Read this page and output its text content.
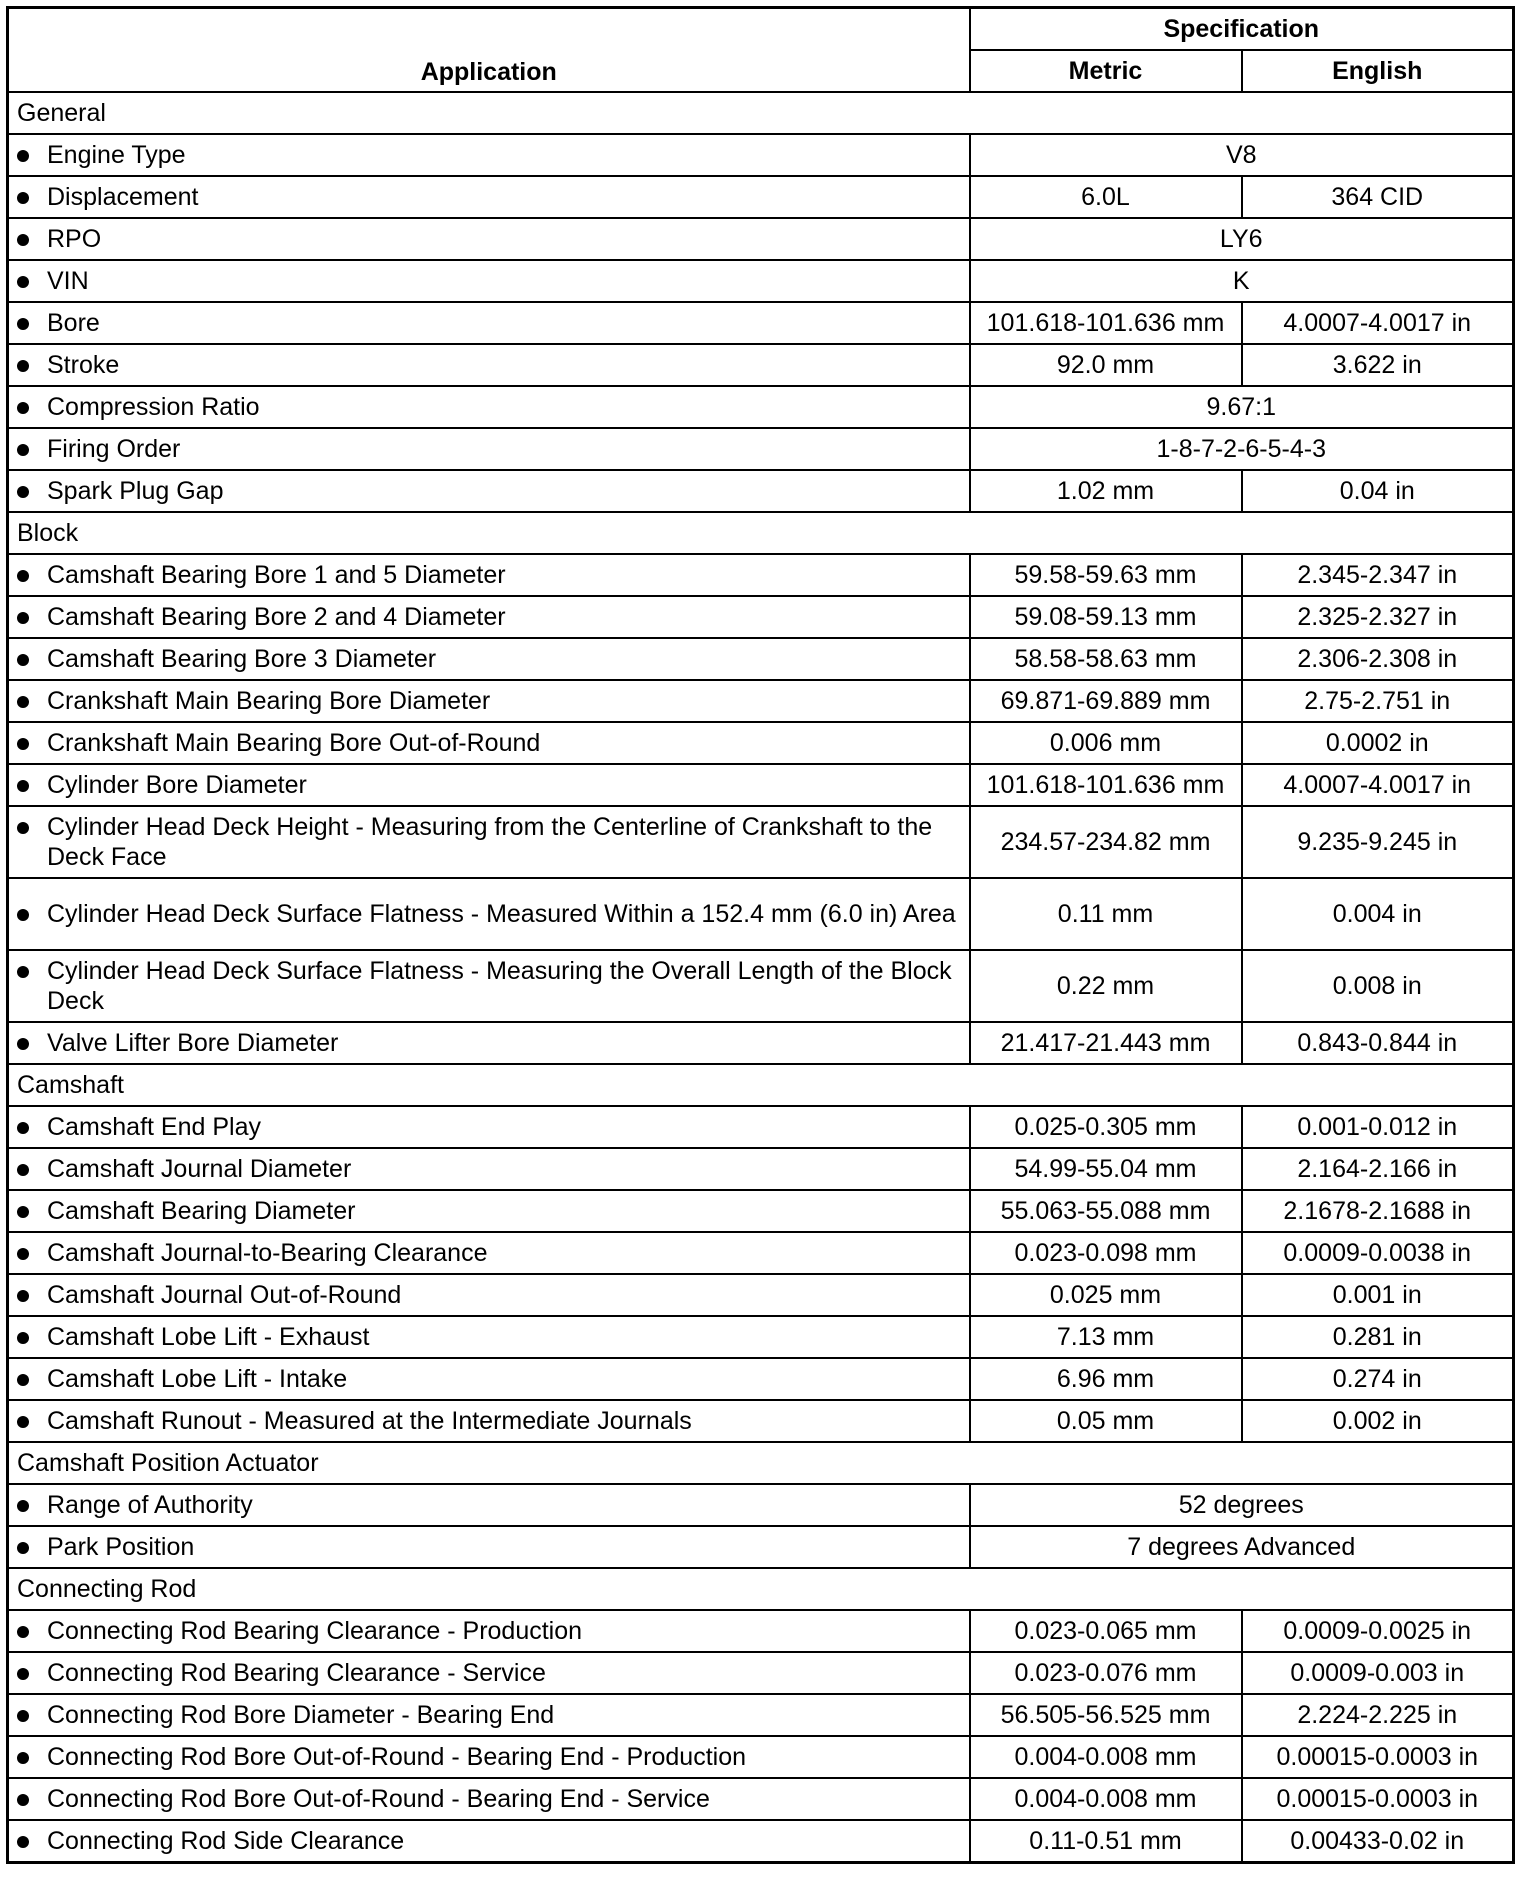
Application	Specification	
	Metric	English
General		

Engine Type	V8	

Displacement	6.0L	364 CID

RPO	LY6	

VIN	K	

Bore	101.618-101.636 mm	4.0007-4.0017 in

Stroke	92.0 mm	3.622 in

Compression Ratio	9.67:1	

Firing Order	1-8-7-2-6-5-4-3	

Spark Plug Gap	1.02 mm	0.04 in
Block		

Camshaft Bearing Bore 1 and 5 Diameter	59.58-59.63 mm	2.345-2.347 in

Camshaft Bearing Bore 2 and 4 Diameter	59.08-59.13 mm	2.325-2.327 in

Camshaft Bearing Bore 3 Diameter	58.58-58.63 mm	2.306-2.308 in

Crankshaft Main Bearing Bore Diameter	69.871-69.889 mm	2.75-2.751 in

Crankshaft Main Bearing Bore Out-of-Round	0.006 mm	0.0002 in

Cylinder Bore Diameter	101.618-101.636 mm	4.0007-4.0017 in

Cylinder Head Deck Height - Measuring from the Centerline of Crankshaft to the Deck Face	234.57-234.82 mm	9.235-9.245 in

Cylinder Head Deck Surface Flatness - Measured Within a 152.4 mm (6.0 in) Area	0.11 mm	0.004 in

Cylinder Head Deck Surface Flatness - Measuring the Overall Length of the Block Deck	0.22 mm	0.008 in

Valve Lifter Bore Diameter	21.417-21.443 mm	0.843-0.844 in
Camshaft		

Camshaft End Play	0.025-0.305 mm	0.001-0.012 in

Camshaft Journal Diameter	54.99-55.04 mm	2.164-2.166 in

Camshaft Bearing Diameter	55.063-55.088 mm	2.1678-2.1688 in

Camshaft Journal-to-Bearing Clearance	0.023-0.098 mm	0.0009-0.0038 in

Camshaft Journal Out-of-Round	0.025 mm	0.001 in

Camshaft Lobe Lift - Exhaust	7.13 mm	0.281 in

Camshaft Lobe Lift - Intake	6.96 mm	0.274 in

Camshaft Runout - Measured at the Intermediate Journals	0.05 mm	0.002 in
Camshaft Position Actuator		

Range of Authority	52 degrees	

Park Position	7 degrees Advanced	
Connecting Rod		

Connecting Rod Bearing Clearance - Production	0.023-0.065 mm	0.0009-0.0025 in

Connecting Rod Bearing Clearance - Service	0.023-0.076 mm	0.0009-0.003 in

Connecting Rod Bore Diameter - Bearing End	56.505-56.525 mm	2.224-2.225 in

Connecting Rod Bore Out-of-Round - Bearing End - Production	0.004-0.008 mm	0.00015-0.0003 in

Connecting Rod Bore Out-of-Round - Bearing End - Service	0.004-0.008 mm	0.00015-0.0003 in

Connecting Rod Side Clearance	0.11-0.51 mm	0.00433-0.02 in
